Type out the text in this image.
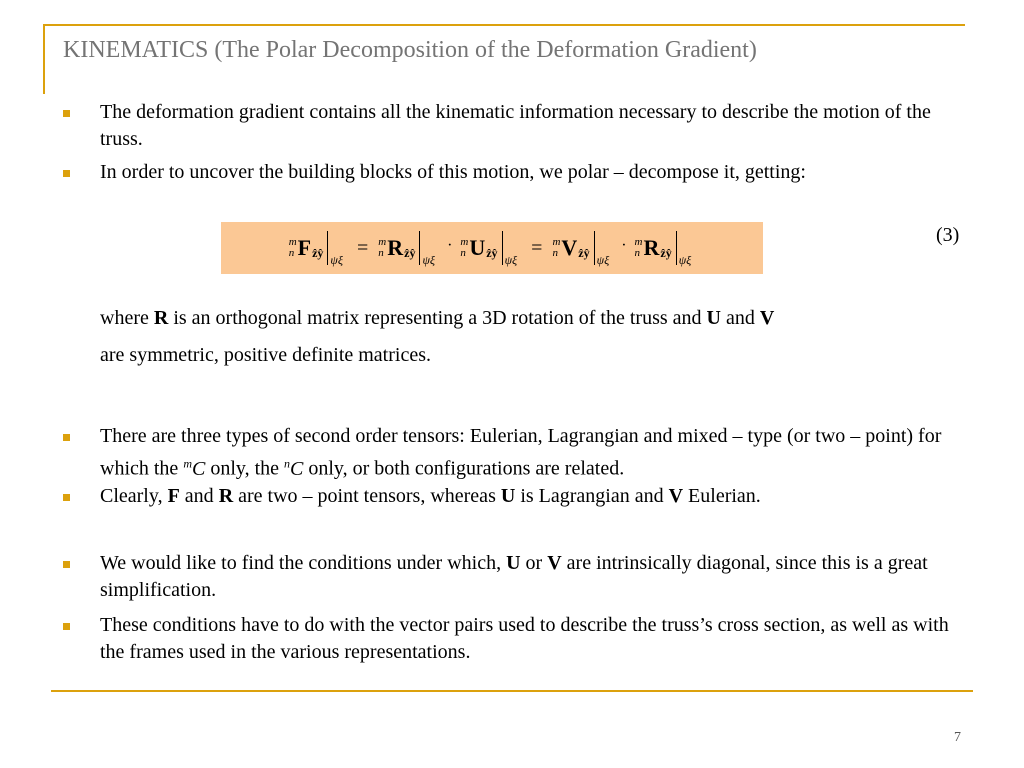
KINEMATICS (The Polar Decomposition of the Deformation Gradient)
The deformation gradient contains all the kinematic information necessary to describe the motion of the truss.
In order to uncover the building blocks of this motion, we polar – decompose it, getting:
m
n F ẑŷ ψξ
= m
n R ẑŷ ψξ
· m
n U ẑŷ ψξ
= m
n V ẑŷ ψξ
· m
n R ẑŷ ψξ
(3)
where R is an orthogonal matrix representing a 3D rotation of the truss and U and V
are symmetric, positive definite matrices.
There are three types of second order tensors: Eulerian, Lagrangian and mixed – type (or two – point) for which the $^m$C only, the $^n$C only, or both configurations are related.
Clearly, F and R are two – point tensors, whereas U is Lagrangian and V Eulerian.
We would like to find the conditions under which, U or V are intrinsically diagonal, since this is a great simplification.
These conditions have to do with the vector pairs used to describe the truss’s cross section, as well as with the frames used in the various representations.
7
